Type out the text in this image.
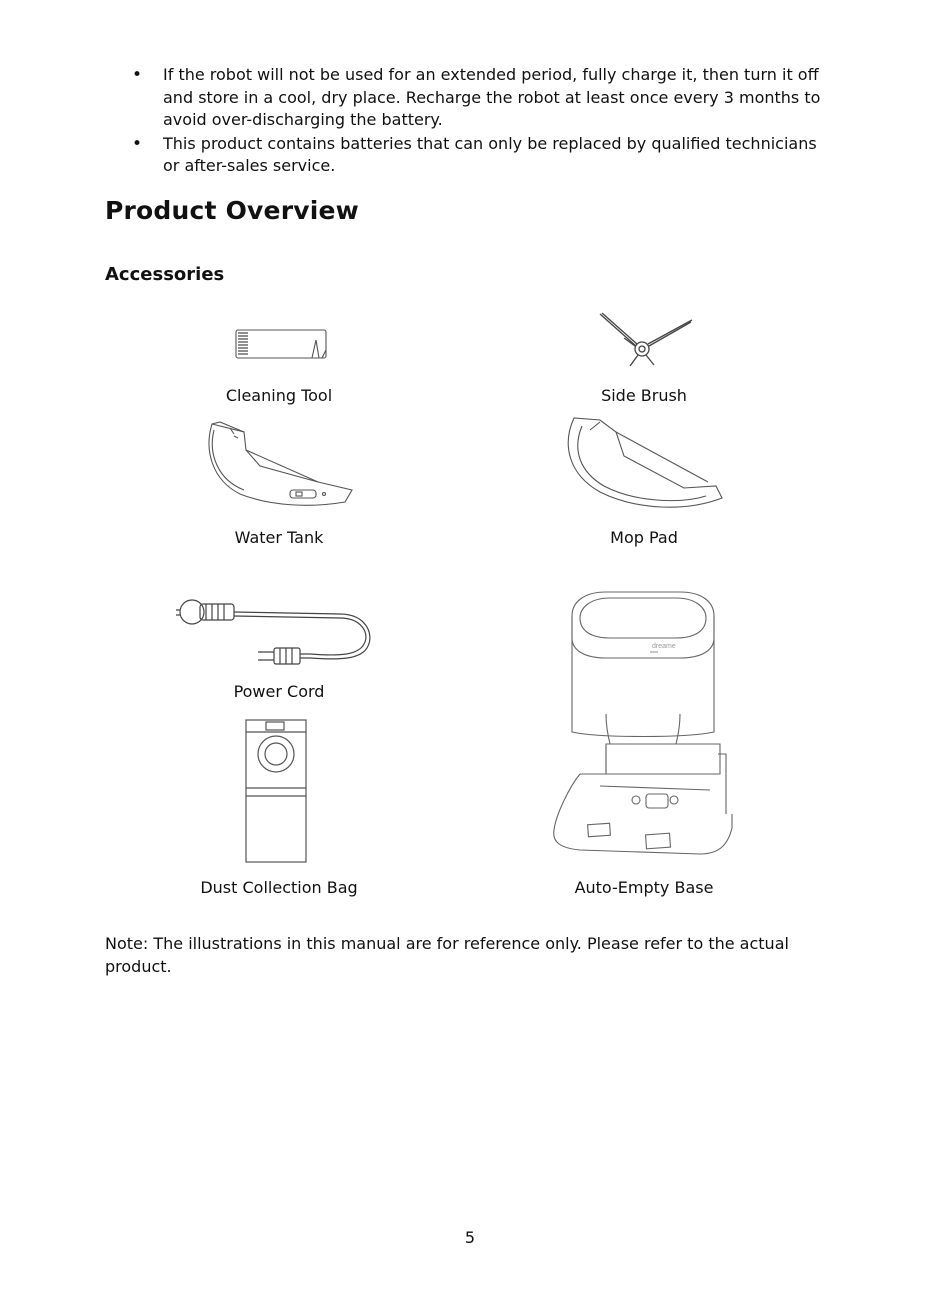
• If the robot will not be used for an extended period, fully charge it, then turn it off and store in a cool, dry place. Recharge the robot at least once every 3 months to avoid over-discharging the battery.
• This product contains batteries that can only be replaced by qualified technicians or after-sales service.
Product Overview
Accessories
Cleaning Tool	Side Brush
Water Tank	Mop Pad
Power Cord
Dust Collection Bag
dreame
Auto-Empty Base

Note: The illustrations in this manual are for reference only. Please refer to the actual product.

5
